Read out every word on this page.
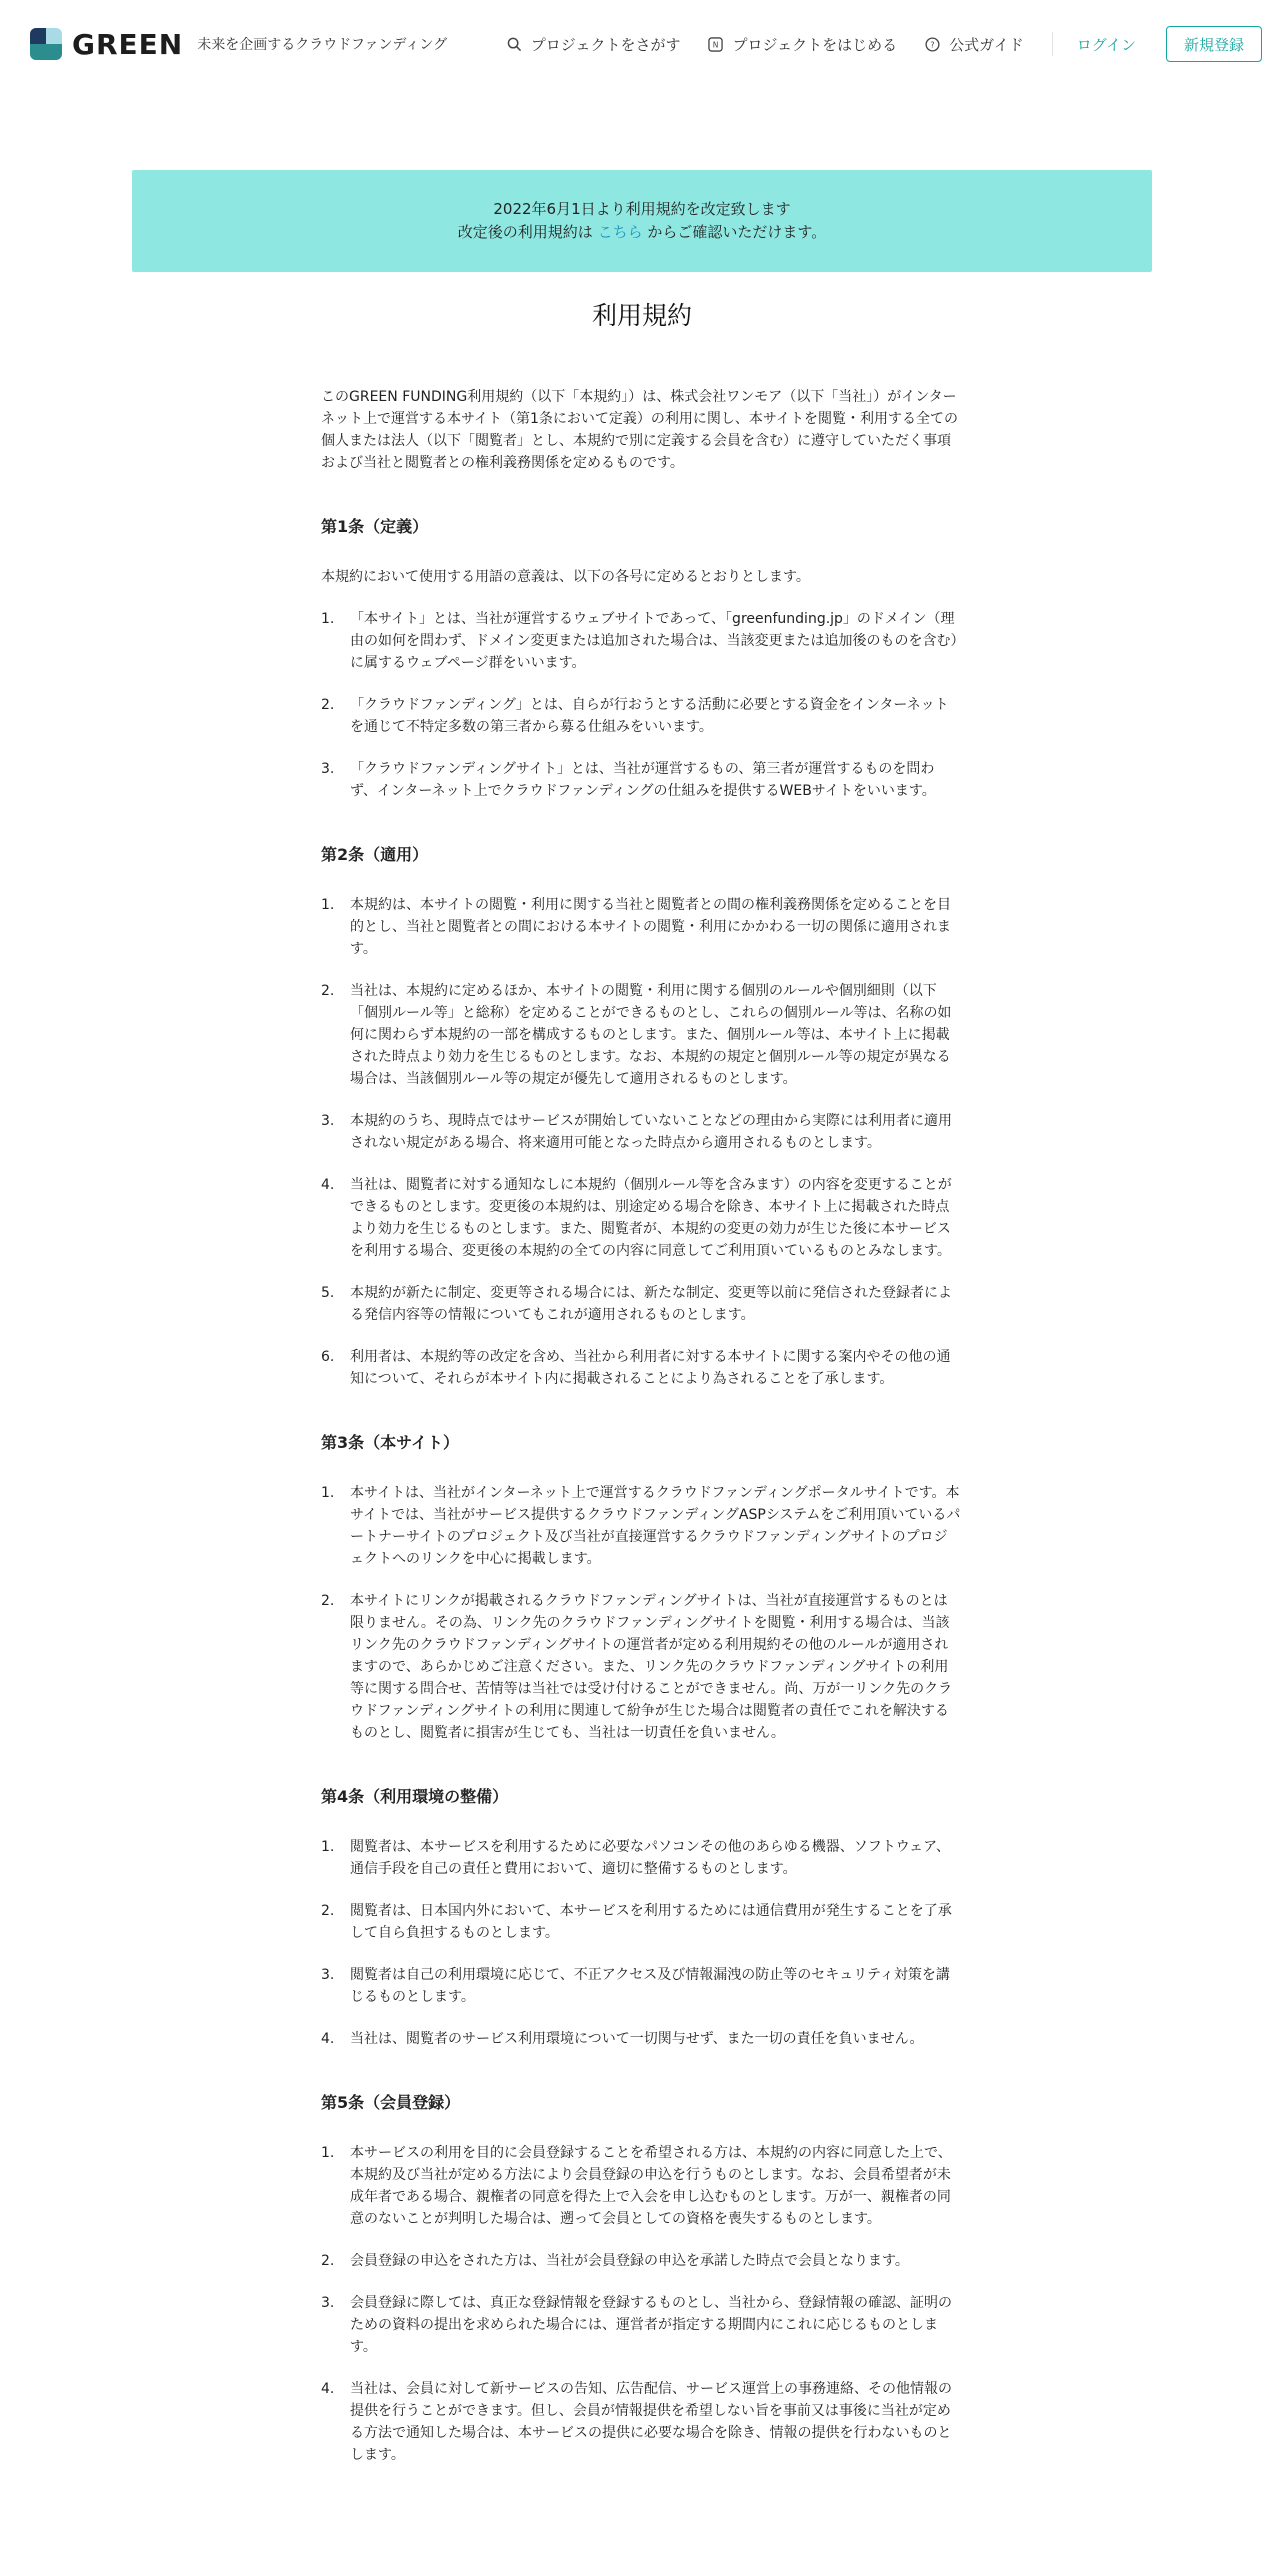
GREEN 未来を企画するクラウドファンディング	プロジェクトをさがす	N プロジェクトをはじめる	? 公式ガイド	ログイン	新規登録
2022年6月1日より利用規約を改定致します
改定後の利用規約は こちら からご確認いただけます。
利用規約

このGREEN FUNDING利用規約（以下「本規約」）は、株式会社ワンモア（以下「当社」）がインターネット上で運営する本サイト（第1条において定義）の利用に関し、本サイトを閲覧・利用する全ての個人または法人（以下「閲覧者」とし、本規約で別に定義する会員を含む）に遵守していただく事項および当社と閲覧者との権利義務関係を定めるものです。

第1条（定義）

本規約において使用する用語の意義は、以下の各号に定めるとおりとします。

1.	「本サイト」とは、当社が運営するウェブサイトであって、「greenfunding.jp」のドメイン（理由の如何を問わず、ドメイン変更または追加された場合は、当該変更または追加後のものを含む）に属するウェブページ群をいいます。
2.	「クラウドファンディング」とは、自らが行おうとする活動に必要とする資金をインターネットを通じて不特定多数の第三者から募る仕組みをいいます。
3.	「クラウドファンディングサイト」とは、当社が運営するもの、第三者が運営するものを問わず、インターネット上でクラウドファンディングの仕組みを提供するWEBサイトをいいます。
第2条（適用）
1.	本規約は、本サイトの閲覧・利用に関する当社と閲覧者との間の権利義務関係を定めることを目的とし、当社と閲覧者との間における本サイトの閲覧・利用にかかわる一切の関係に適用されます。
2.	当社は、本規約に定めるほか、本サイトの閲覧・利用に関する個別のルールや個別細則（以下「個別ルール等」と総称）を定めることができるものとし、これらの個別ルール等は、名称の如何に関わらず本規約の一部を構成するものとします。また、個別ルール等は、本サイト上に掲載された時点より効力を生じるものとします。なお、本規約の規定と個別ルール等の規定が異なる場合は、当該個別ルール等の規定が優先して適用されるものとします。
3.	本規約のうち、現時点ではサービスが開始していないことなどの理由から実際には利用者に適用されない規定がある場合、将来適用可能となった時点から適用されるものとします。
4.	当社は、閲覧者に対する通知なしに本規約（個別ルール等を含みます）の内容を変更することができるものとします。変更後の本規約は、別途定める場合を除き、本サイト上に掲載された時点より効力を生じるものとします。また、閲覧者が、本規約の変更の効力が生じた後に本サービスを利用する場合、変更後の本規約の全ての内容に同意してご利用頂いているものとみなします。
5.	本規約が新たに制定、変更等される場合には、新たな制定、変更等以前に発信された登録者による発信内容等の情報についてもこれが適用されるものとします。
6.	利用者は、本規約等の改定を含め、当社から利用者に対する本サイトに関する案内やその他の通知について、それらが本サイト内に掲載されることにより為されることを了承します。
第3条（本サイト）
1.	本サイトは、当社がインターネット上で運営するクラウドファンディングポータルサイトです。本サイトでは、当社がサービス提供するクラウドファンディングASPシステムをご利用頂いているパートナーサイトのプロジェクト及び当社が直接運営するクラウドファンディングサイトのプロジェクトへのリンクを中心に掲載します。
2.	本サイトにリンクが掲載されるクラウドファンディングサイトは、当社が直接運営するものとは限りません。その為、リンク先のクラウドファンディングサイトを閲覧・利用する場合は、当該リンク先のクラウドファンディングサイトの運営者が定める利用規約その他のルールが適用されますので、あらかじめご注意ください。また、リンク先のクラウドファンディングサイトの利用等に関する問合せ、苦情等は当社では受け付けることができません。尚、万が一リンク先のクラウドファンディングサイトの利用に関連して紛争が生じた場合は閲覧者の責任でこれを解決するものとし、閲覧者に損害が生じても、当社は一切責任を負いません。
第4条（利用環境の整備）
1.	閲覧者は、本サービスを利用するために必要なパソコンその他のあらゆる機器、ソフトウェア、通信手段を自己の責任と費用において、適切に整備するものとします。
2.	閲覧者は、日本国内外において、本サービスを利用するためには通信費用が発生することを了承して自ら負担するものとします。
3.	閲覧者は自己の利用環境に応じて、不正アクセス及び情報漏洩の防止等のセキュリティ対策を講じるものとします。
4.	当社は、閲覧者のサービス利用環境について一切関与せず、また一切の責任を負いません。
第5条（会員登録）
1.	本サービスの利用を目的に会員登録することを希望される方は、本規約の内容に同意した上で、本規約及び当社が定める方法により会員登録の申込を行うものとします。なお、会員希望者が未成年者である場合、親権者の同意を得た上で入会を申し込むものとします。万が一、親権者の同意のないことが判明した場合は、遡って会員としての資格を喪失するものとします。
2.	会員登録の申込をされた方は、当社が会員登録の申込を承諾した時点で会員となります。
3.	会員登録に際しては、真正な登録情報を登録するものとし、当社から、登録情報の確認、証明のための資料の提出を求められた場合には、運営者が指定する期間内にこれに応じるものとします。
4.	当社は、会員に対して新サービスの告知、広告配信、サービス運営上の事務連絡、その他情報の提供を行うことができます。但し、会員が情報提供を希望しない旨を事前又は事後に当社が定める方法で通知した場合は、本サービスの提供に必要な場合を除き、情報の提供を行わないものとします。
